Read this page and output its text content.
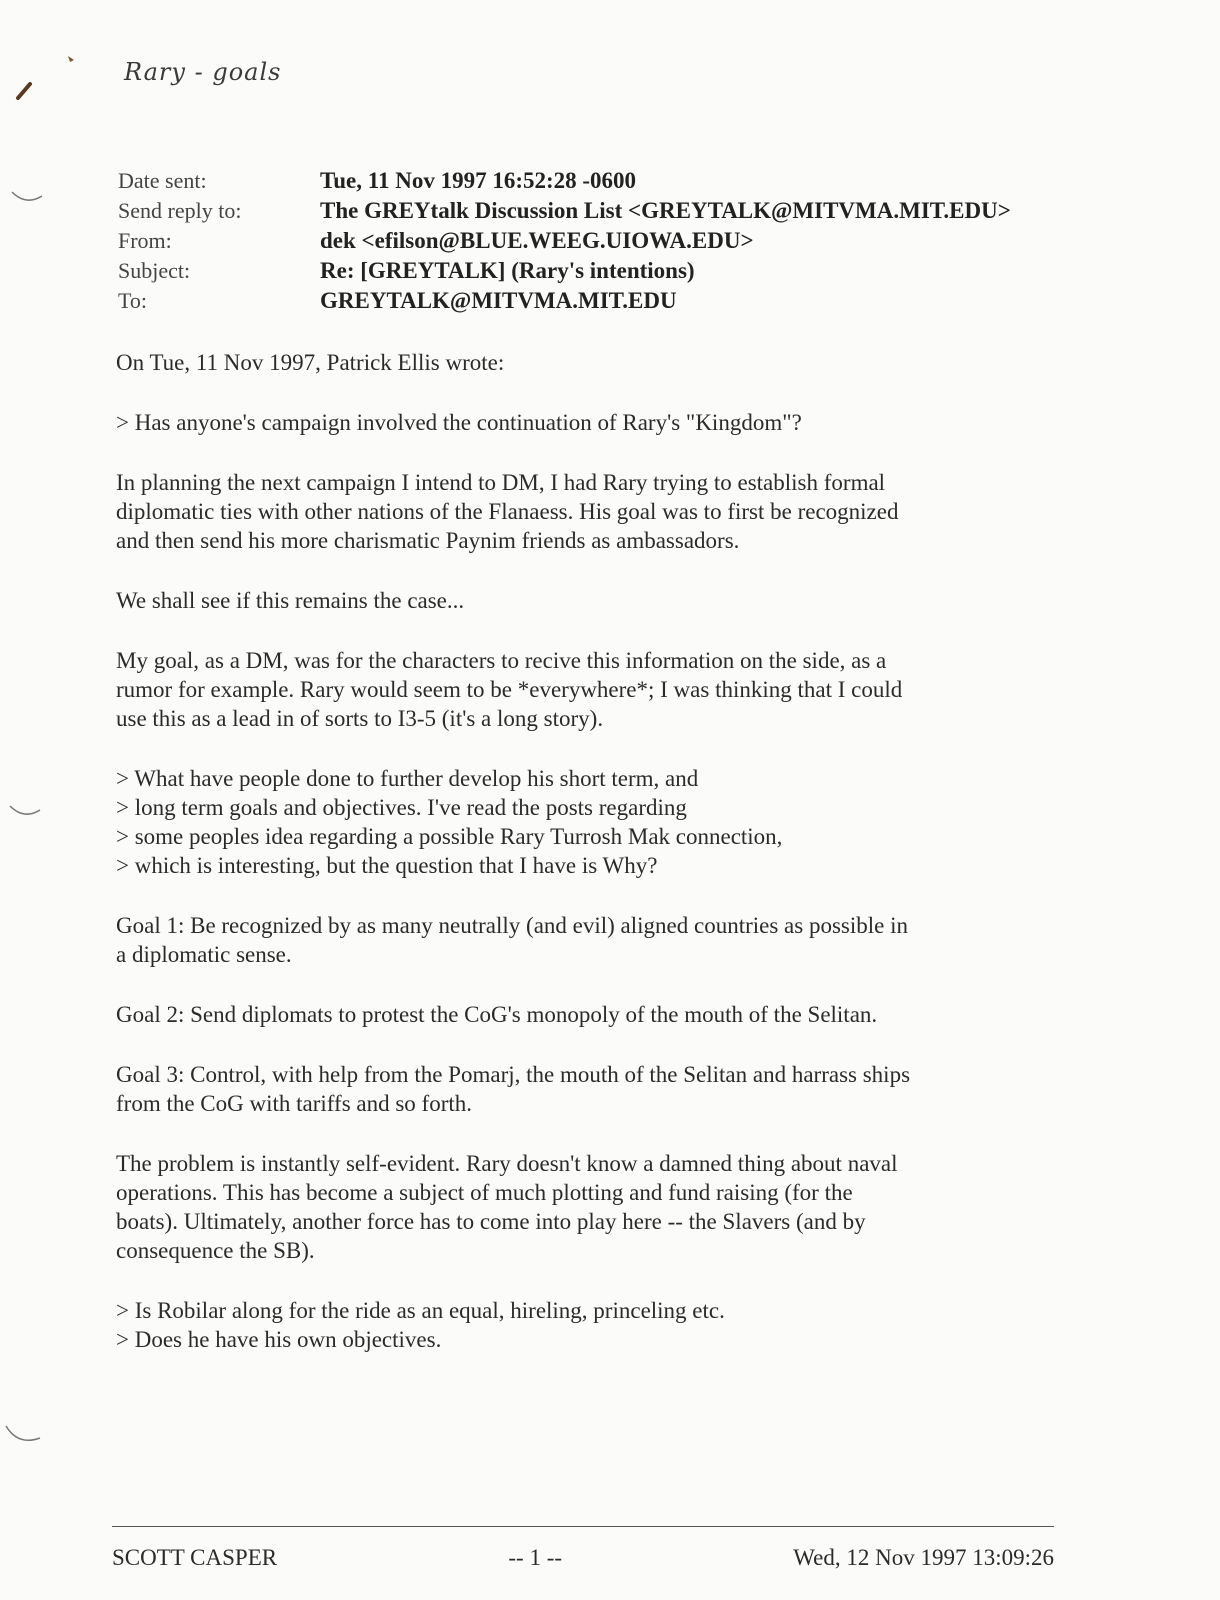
Rary - goals
Date sent:	Tue, 11 Nov 1997 16:52:28 -0600
Send reply to:	The GREYtalk Discussion List <GREYTALK@MITVMA.MIT.EDU>
From:	dek <efilson@BLUE.WEEG.UIOWA.EDU>
Subject:	Re: [GREYTALK] (Rary's intentions)
To:	GREYTALK@MITVMA.MIT.EDU

On Tue, 11 Nov 1997, Patrick Ellis wrote:

> Has anyone's campaign involved the continuation of Rary's "Kingdom"?

In planning the next campaign I intend to DM, I had Rary trying to establish formal diplomatic ties with other nations of the Flanaess. His goal was to first be recognized and then send his more charismatic Paynim friends as ambassadors.

We shall see if this remains the case...

My goal, as a DM, was for the characters to recive this information on the side, as a rumor for example. Rary would seem to be *everywhere*; I was thinking that I could use this as a lead in of sorts to I3-5 (it's a long story).

> What have people done to further develop his short term, and
> long term goals and objectives. I've read the posts regarding
> some peoples idea regarding a possible Rary Turrosh Mak connection,
> which is interesting, but the question that I have is Why?

Goal 1: Be recognized by as many neutrally (and evil) aligned countries as possible in a diplomatic sense.

Goal 2: Send diplomats to protest the CoG's monopoly of the mouth of the Selitan.

Goal 3: Control, with help from the Pomarj, the mouth of the Selitan and harrass ships from the CoG with tariffs and so forth.

The problem is instantly self-evident. Rary doesn't know a damned thing about naval operations. This has become a subject of much plotting and fund raising (for the boats). Ultimately, another force has to come into play here -- the Slavers (and by consequence the SB).

> Is Robilar along for the ride as an equal, hireling, princeling etc.
> Does he have his own objectives.

SCOTT CASPER	-- 1 --	Wed, 12 Nov 1997 13:09:26
